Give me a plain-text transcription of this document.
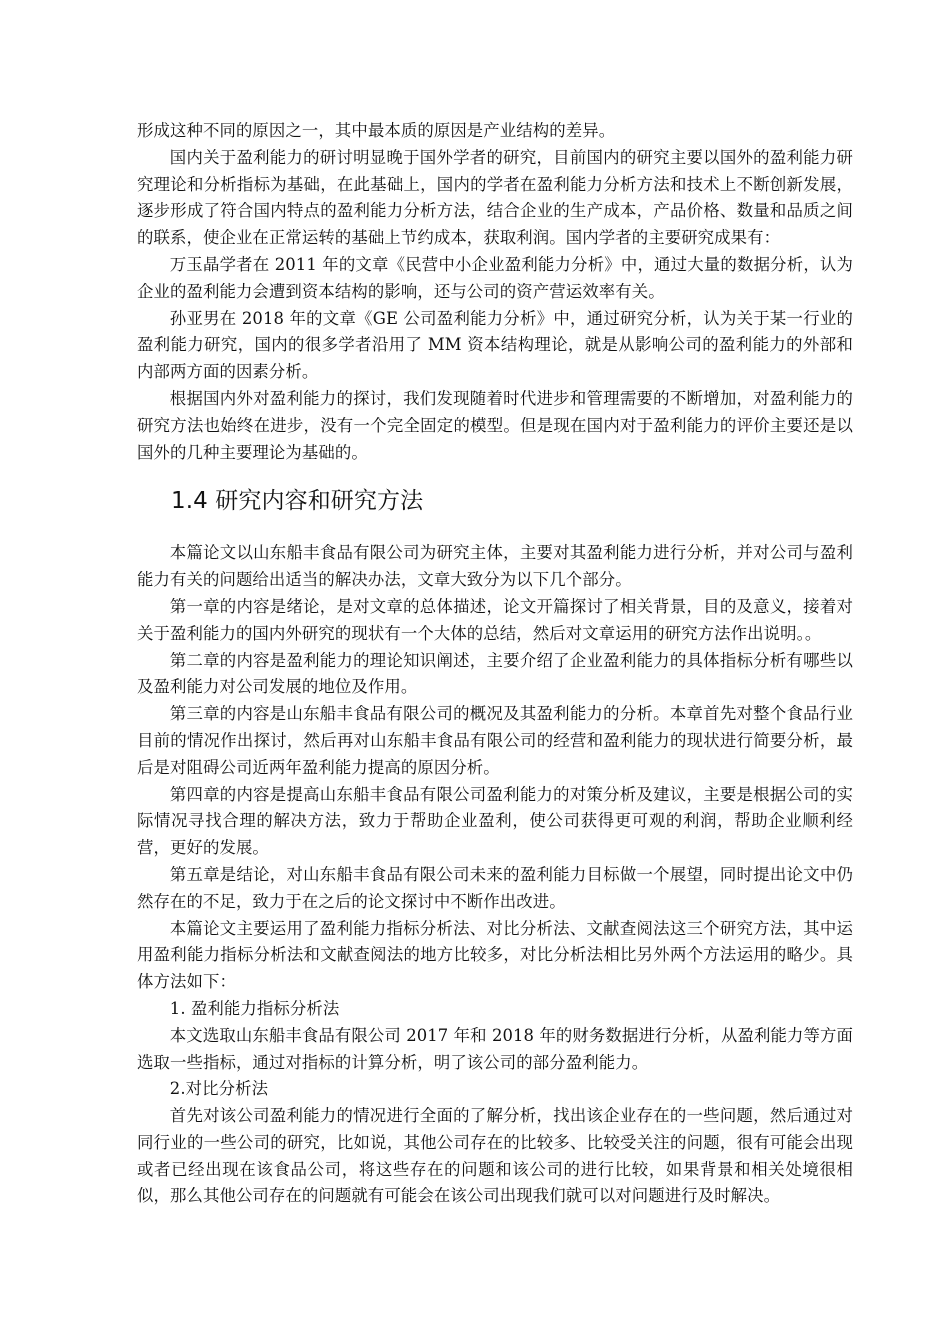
形成这种不同的原因之一，其中最本质的原因是产业结构的差异。

国内关于盈利能力的研讨明显晚于国外学者的研究，目前国内的研究主要以国外的盈利能力研究理论和分析指标为基础，在此基础上，国内的学者在盈利能力分析方法和技术上不断创新发展，逐步形成了符合国内特点的盈利能力分析方法，结合企业的生产成本，产品价格、数量和品质之间的联系，使企业在正常运转的基础上节约成本，获取利润。国内学者的主要研究成果有：

万玉晶学者在 2011 年的文章《民营中小企业盈利能力分析》中，通过大量的数据分析，认为企业的盈利能力会遭到资本结构的影响，还与公司的资产营运效率有关。

孙亚男在 2018 年的文章《GE 公司盈利能力分析》中，通过研究分析，认为关于某一行业的盈利能力研究，国内的很多学者沿用了 MM 资本结构理论，就是从影响公司的盈利能力的外部和内部两方面的因素分析。

根据国内外对盈利能力的探讨，我们发现随着时代进步和管理需要的不断增加，对盈利能力的研究方法也始终在进步，没有一个完全固定的模型。但是现在国内对于盈利能力的评价主要还是以国外的几种主要理论为基础的。

1.4 研究内容和研究方法

本篇论文以山东船丰食品有限公司为研究主体，主要对其盈利能力进行分析，并对公司与盈利能力有关的问题给出适当的解决办法，文章大致分为以下几个部分。

第一章的内容是绪论，是对文章的总体描述，论文开篇探讨了相关背景，目的及意义，接着对关于盈利能力的国内外研究的现状有一个大体的总结，然后对文章运用的研究方法作出说明。。

第二章的内容是盈利能力的理论知识阐述，主要介绍了企业盈利能力的具体指标分析有哪些以及盈利能力对公司发展的地位及作用。

第三章的内容是山东船丰食品有限公司的概况及其盈利能力的分析。本章首先对整个食品行业目前的情况作出探讨，然后再对山东船丰食品有限公司的经营和盈利能力的现状进行简要分析，最后是对阻碍公司近两年盈利能力提高的原因分析。

第四章的内容是提高山东船丰食品有限公司盈利能力的对策分析及建议，主要是根据公司的实际情况寻找合理的解决方法，致力于帮助企业盈利，使公司获得更可观的利润，帮助企业顺利经营，更好的发展。

第五章是结论，对山东船丰食品有限公司未来的盈利能力目标做一个展望，同时提出论文中仍然存在的不足，致力于在之后的论文探讨中不断作出改进。

本篇论文主要运用了盈利能力指标分析法、对比分析法、文献查阅法这三个研究方法，其中运用盈利能力指标分析法和文献查阅法的地方比较多，对比分析法相比另外两个方法运用的略少。具体方法如下：

1. 盈利能力指标分析法

本文选取山东船丰食品有限公司 2017 年和 2018 年的财务数据进行分析，从盈利能力等方面选取一些指标，通过对指标的计算分析，明了该公司的部分盈利能力。

2.对比分析法

首先对该公司盈利能力的情况进行全面的了解分析，找出该企业存在的一些问题，然后通过对同行业的一些公司的研究，比如说，其他公司存在的比较多、比较受关注的问题，很有可能会出现或者已经出现在该食品公司，将这些存在的问题和该公司的进行比较，如果背景和相关处境很相似，那么其他公司存在的问题就有可能会在该公司出现我们就可以对问题进行及时解决。
